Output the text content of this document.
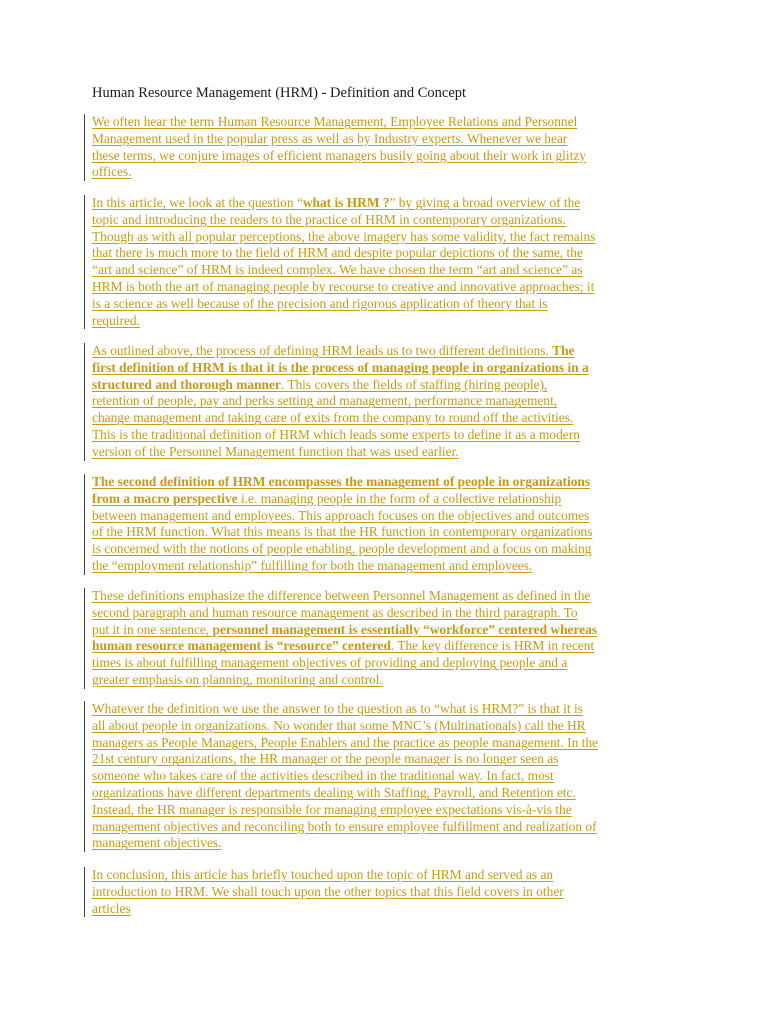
Human Resource Management (HRM) - Definition and Concept
We often hear the term Human Resource Management, Employee Relations and Personnel
Management used in the popular press as well as by Industry experts. Whenever we hear
these terms, we conjure images of efficient managers busily going about their work in glitzy
offices.
In this article, we look at the question “what is HRM ?” by giving a broad overview of the
topic and introducing the readers to the practice of HRM in contemporary organizations.
Though as with all popular perceptions, the above imagery has some validity, the fact remains
that there is much more to the field of HRM and despite popular depictions of the same, the
“art and science” of HRM is indeed complex. We have chosen the term “art and science” as
HRM is both the art of managing people by recourse to creative and innovative approaches; it
is a science as well because of the precision and rigorous application of theory that is
required.
As outlined above, the process of defining HRM leads us to two different definitions. The
first definition of HRM is that it is the process of managing people in organizations in a
structured and thorough manner. This covers the fields of staffing (hiring people),
retention of people, pay and perks setting and management, performance management,
change management and taking care of exits from the company to round off the activities.
This is the traditional definition of HRM which leads some experts to define it as a modern
version of the Personnel Management function that was used earlier.
The second definition of HRM encompasses the management of people in organizations
from a macro perspective i.e. managing people in the form of a collective relationship
between management and employees. This approach focuses on the objectives and outcomes
of the HRM function. What this means is that the HR function in contemporary organizations
is concerned with the notions of people enabling, people development and a focus on making
the “employment relationship” fulfilling for both the management and employees.
These definitions emphasize the difference between Personnel Management as defined in the
second paragraph and human resource management as described in the third paragraph. To
put it in one sentence, personnel management is essentially “workforce” centered whereas
human resource management is “resource” centered. The key difference is HRM in recent
times is about fulfilling management objectives of providing and deploying people and a
greater emphasis on planning, monitoring and control.
Whatever the definition we use the answer to the question as to “what is HRM?” is that it is
all about people in organizations. No wonder that some MNC’s (Multinationals) call the HR
managers as People Managers, People Enablers and the practice as people management. In the
21st century organizations, the HR manager or the people manager is no longer seen as
someone who takes care of the activities described in the traditional way. In fact, most
organizations have different departments dealing with Staffing, Payroll, and Retention etc.
Instead, the HR manager is responsible for managing employee expectations vis-à-vis the
management objectives and reconciling both to ensure employee fulfillment and realization of
management objectives.
In conclusion, this article has briefly touched upon the topic of HRM and served as an
introduction to HRM. We shall touch upon the other topics that this field covers in other
articles
